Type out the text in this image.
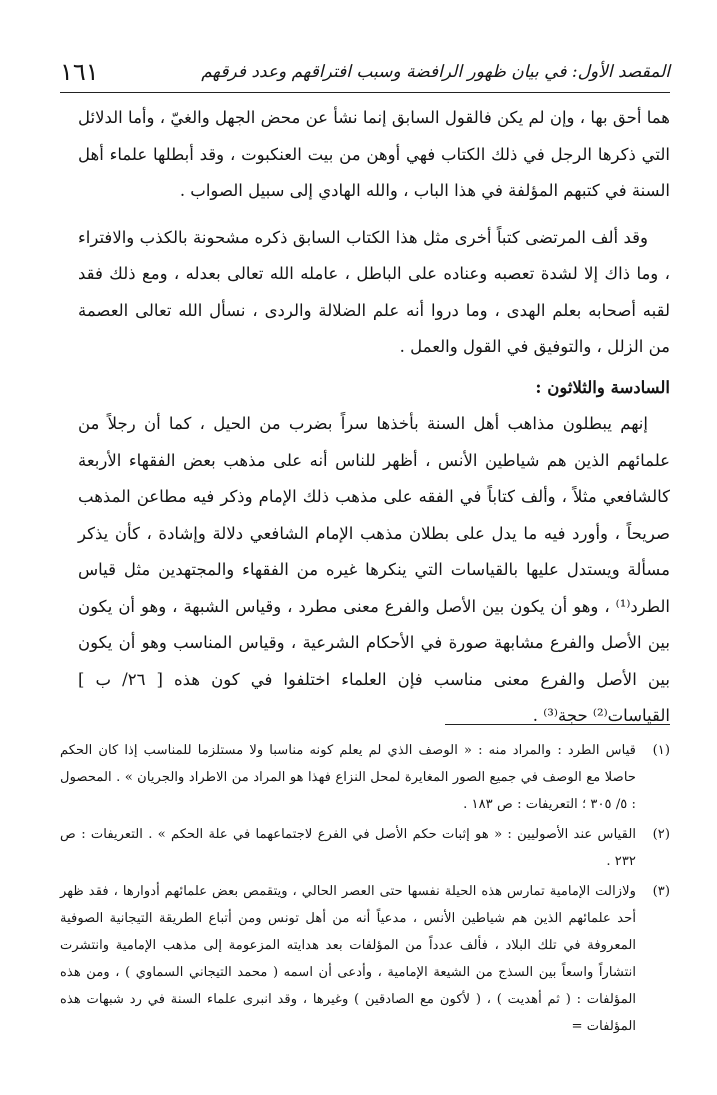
١٦١	المقصد الأول: في بيان ظهور الرافضة وسبب افتراقهم وعدد فرقهم

هما أحق بها ، وإن لم يكن فالقول السابق إنما نشأ عن محض الجهل والغيّ ، وأما الدلائل التي ذكرها الرجل في ذلك الكتاب فهي أوهن من بيت العنكبوت ، وقد أبطلها علماء أهل السنة في كتبهم المؤلفة في هذا الباب ، والله الهادي إلى سبيل الصواب .

وقد ألف المرتضى كتباً أخرى مثل هذا الكتاب السابق ذكره مشحونة بالكذب والافتراء ، وما ذاك إلا لشدة تعصبه وعناده على الباطل ، عامله الله تعالى بعدله ، ومع ذلك فقد لقبه أصحابه بعلم الهدى ، وما دروا أنه علم الضلالة والردى ، نسأل الله تعالى العصمة من الزلل ، والتوفيق في القول والعمل .

السادسة والثلاثون :

إنهم يبطلون مذاهب أهل السنة بأخذها سراً بضرب من الحيل ، كما أن رجلاً من علمائهم الذين هم شياطين الأنس ، أظهر للناس أنه على مذهب بعض الفقهاء الأربعة كالشافعي مثلاً ، وألف كتاباً في الفقه على مذهب ذلك الإمام وذكر فيه مطاعن المذهب صريحاً ، وأورد فيه ما يدل على بطلان مذهب الإمام الشافعي دلالة وإشادة ، كأن يذكر مسألة ويستدل عليها بالقياسات التي ينكرها غيره من الفقهاء والمجتهدين مثل قياس الطرد⁽¹⁾ ، وهو أن يكون بين الأصل والفرع معنى مطرد ، وقياس الشبهة ، وهو أن يكون بين الأصل والفرع مشابهة صورة في الأحكام الشرعية ، وقياس المناسب وهو أن يكون بين الأصل والفرع معنى مناسب فإن العلماء اختلفوا في كون هذه [ ٢٦/ ب ] القياسات⁽²⁾ حجة⁽³⁾ .

(١)
قياس الطرد : والمراد منه : « الوصف الذي لم يعلم كونه مناسبا ولا مستلزما للمناسب إذا كان الحكم حاصلا مع الوصف في جميع الصور المغايرة لمحل النزاع فهذا هو المراد من الاطراد والجريان » . المحصول : ٥/ ٣٠٥ ؛ التعريفات : ص ١٨٣ .
(٢)
القياس عند الأصوليين : « هو إثبات حكم الأصل في الفرع لاجتماعهما في علة الحكم » . التعريفات : ص ٢٣٢ .
(٣)
ولازالت الإمامية تمارس هذه الحيلة نفسها حتى العصر الحالي ، ويتقمص بعض علمائهم أدوارها ، فقد ظهر أحد علمائهم الذين هم شياطين الأنس ، مدعياً أنه من أهل تونس ومن أتباع الطريقة التيجانية الصوفية المعروفة في تلك البلاد ، فألف عدداً من المؤلفات بعد هدايته المزعومة إلى مذهب الإمامية وانتشرت انتشاراً واسعاً بين السذج من الشيعة الإمامية ، وأدعى أن اسمه ( محمد التيجاني السماوي ) ، ومن هذه المؤلفات : ( ثم أهديت ) ، ( لأكون مع الصادقين ) وغيرها ، وقد انبرى علماء السنة في رد شبهات هذه المؤلفات =
